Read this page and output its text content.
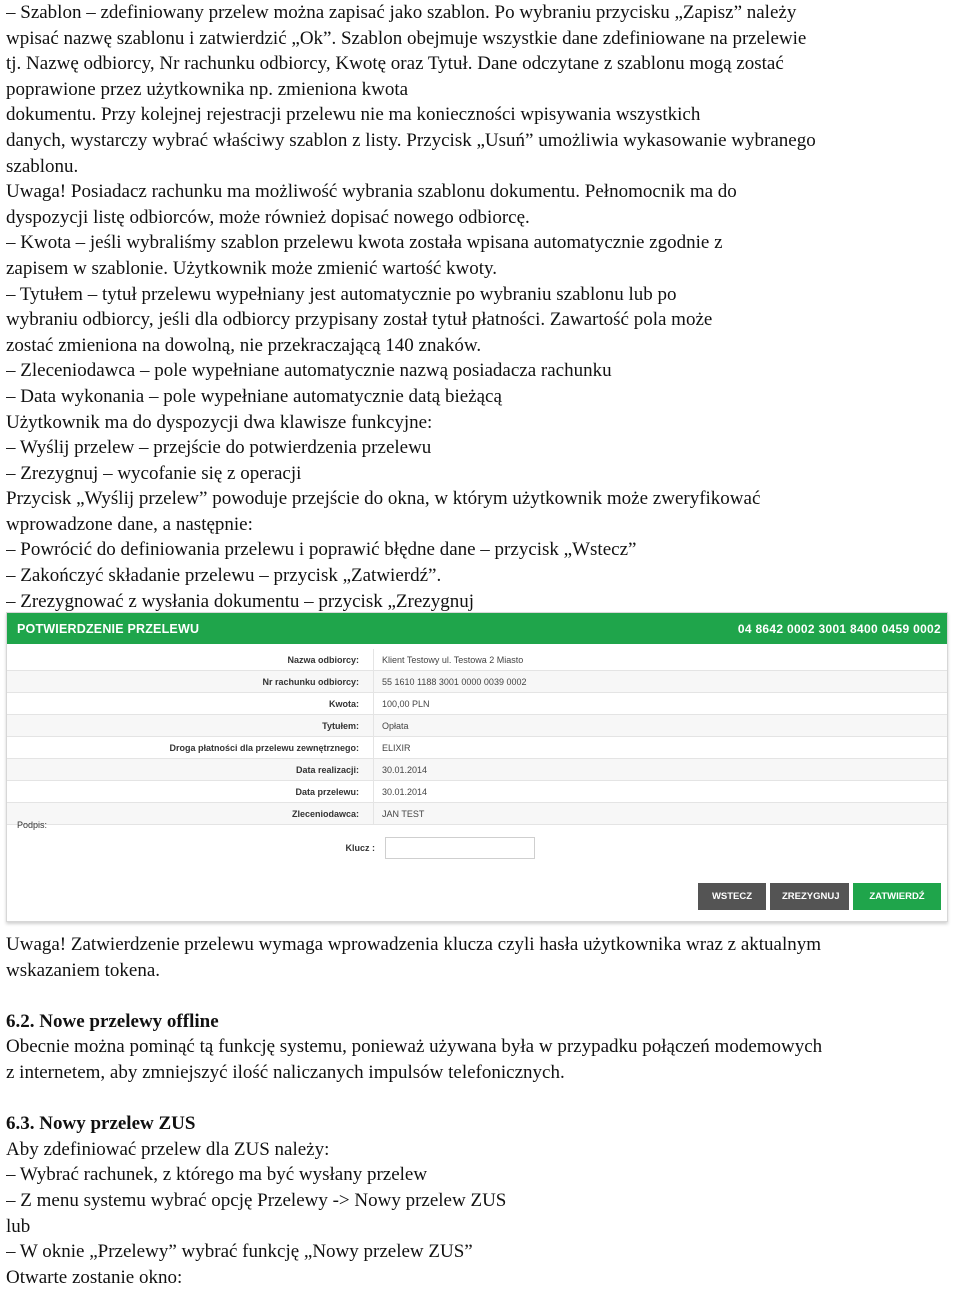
– Szablon – zdefiniowany przelew można zapisać jako szablon. Po wybraniu przycisku „Zapisz” należy
wpisać nazwę szablonu i zatwierdzić „Ok”. Szablon obejmuje wszystkie dane zdefiniowane na przelewie
tj. Nazwę odbiorcy, Nr rachunku odbiorcy, Kwotę oraz Tytuł. Dane odczytane z szablonu mogą zostać
poprawione przez użytkownika np. zmieniona kwota
dokumentu. Przy kolejnej rejestracji przelewu nie ma konieczności wpisywania wszystkich
danych, wystarczy wybrać właściwy szablon z listy. Przycisk „Usuń” umożliwia wykasowanie wybranego
szablonu.
Uwaga! Posiadacz rachunku ma możliwość wybrania szablonu dokumentu. Pełnomocnik ma do
dyspozycji listę odbiorców, może również dopisać nowego odbiorcę.
– Kwota – jeśli wybraliśmy szablon przelewu kwota została wpisana automatycznie zgodnie z
zapisem w szablonie. Użytkownik może zmienić wartość kwoty.
– Tytułem – tytuł przelewu wypełniany jest automatycznie po wybraniu szablonu lub po
wybraniu odbiorcy, jeśli dla odbiorcy przypisany został tytuł płatności. Zawartość pola może
zostać zmieniona na dowolną, nie przekraczającą 140 znaków.
– Zleceniodawca – pole wypełniane automatycznie nazwą posiadacza rachunku
– Data wykonania – pole wypełniane automatycznie datą bieżącą
Użytkownik ma do dyspozycji dwa klawisze funkcyjne:
– Wyślij przelew – przejście do potwierdzenia przelewu
– Zrezygnuj – wycofanie się z operacji
Przycisk „Wyślij przelew” powoduje przejście do okna, w którym użytkownik może zweryfikować
wprowadzone dane, a następnie:
– Powrócić do definiowania przelewu i poprawić błędne dane – przycisk „Wstecz”
– Zakończyć składanie przelewu – przycisk „Zatwierdź”.
– Zrezygnować z wysłania dokumentu – przycisk „Zrezygnuj
POTWIERDZENIE PRZELEWU	04 8642 0002 3001 8400 0459 0002
Nazwa odbiorcy:	Klient Testowy ul. Testowa 2 Miasto
Nr rachunku odbiorcy:	55 1610 1188 3001 0000 0039 0002
Kwota:	100,00 PLN
Tytułem:	Opłata
Droga płatności dla przelewu zewnętrznego:	ELIXIR
Data realizacji:	30.01.2014
Data przelewu:	30.01.2014
Zleceniodawca:	JAN TEST
Podpis:
Klucz :
WSTECZ	ZREZYGNUJ	ZATWIERDŹ
Uwaga! Zatwierdzenie przelewu wymaga wprowadzenia klucza czyli hasła użytkownika wraz z aktualnym
wskazaniem tokena.
6.2. Nowe przelewy offline
Obecnie można pominąć tą funkcję systemu, ponieważ używana była w przypadku połączeń modemowych
z internetem, aby zmniejszyć ilość naliczanych impulsów telefonicznych.
6.3. Nowy przelew ZUS
Aby zdefiniować przelew dla ZUS należy:
– Wybrać rachunek, z którego ma być wysłany przelew
– Z menu systemu wybrać opcję Przelewy -> Nowy przelew ZUS
lub
– W oknie „Przelewy” wybrać funkcję „Nowy przelew ZUS”
Otwarte zostanie okno:
